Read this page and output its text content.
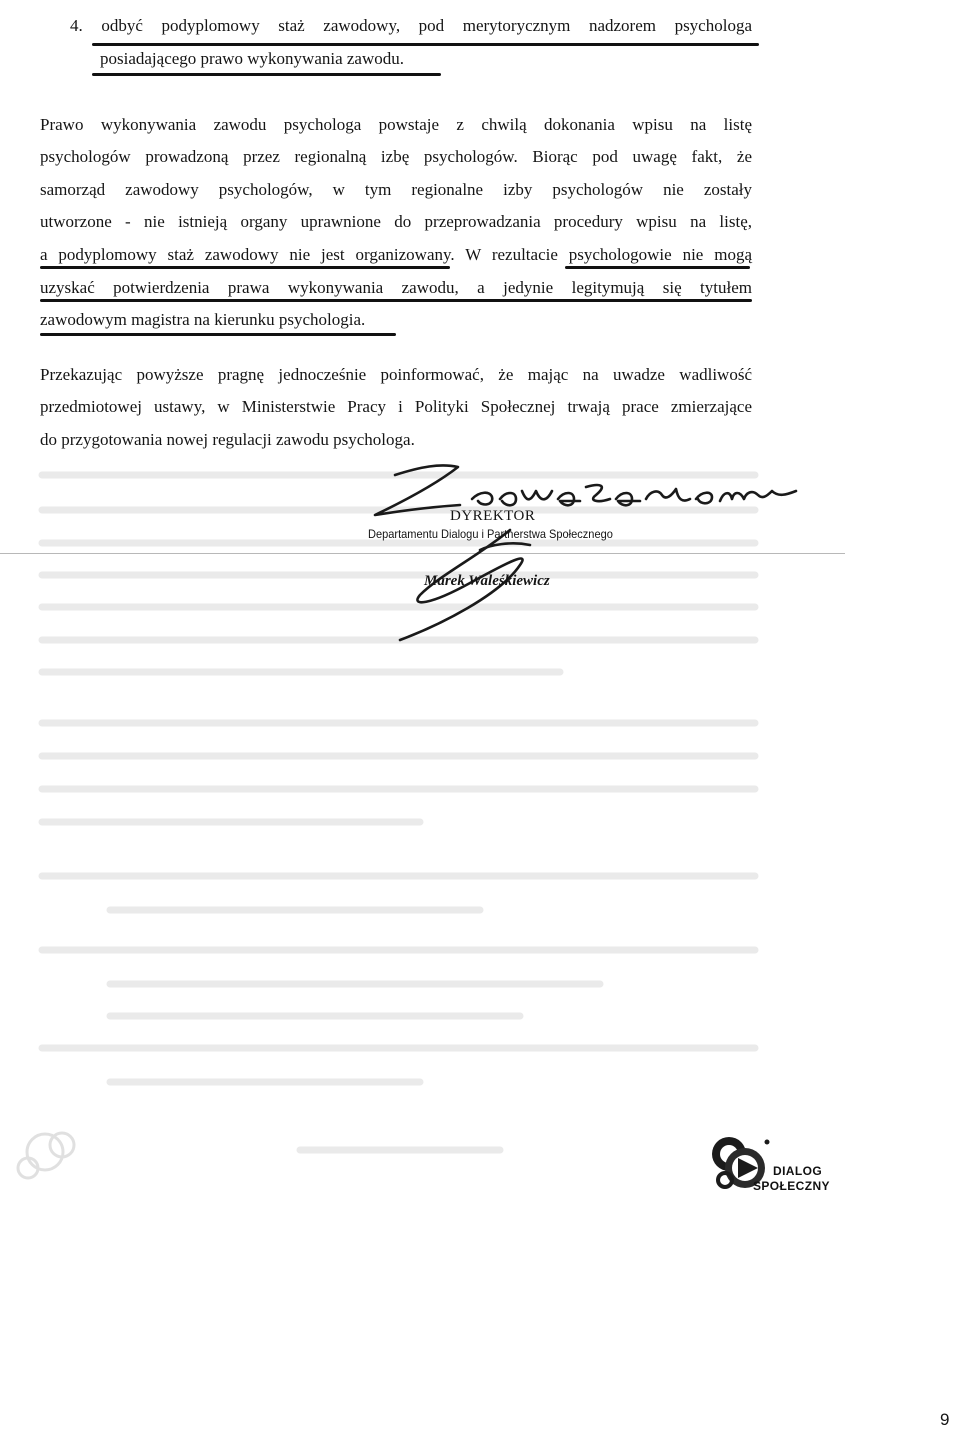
4. odbyć podyplomowy staż zawodowy, pod merytorycznym nadzorem psychologa
posiadającego prawo wykonywania zawodu.
Prawo wykonywania zawodu psychologa powstaje z chwilą dokonania wpisu na listę
psychologów prowadzoną przez regionalną izbę psychologów. Biorąc pod uwagę fakt, że
samorząd zawodowy psychologów, w tym regionalne izby psychologów nie zostały
utworzone - nie istnieją organy uprawnione do przeprowadzania procedury wpisu na listę,
a podyplomowy staż zawodowy nie jest organizowany. W rezultacie psychologowie nie mogą
uzyskać potwierdzenia prawa wykonywania zawodu, a jedynie legitymują się tytułem
zawodowym magistra na kierunku psychologia.
Przekazując powyższe pragnę jednocześnie poinformować, że mając na uwadze wadliwość
przedmiotowej ustawy, w Ministerstwie Pracy i Polityki Społecznej trwają prace zmierzające
do przygotowania nowej regulacji zawodu psychologa.
DYREKTOR
Departamentu Dialogu i Partnerstwa Społecznego
Marek Waleśkiewicz
DIALOG
SPOŁECZNY
9
